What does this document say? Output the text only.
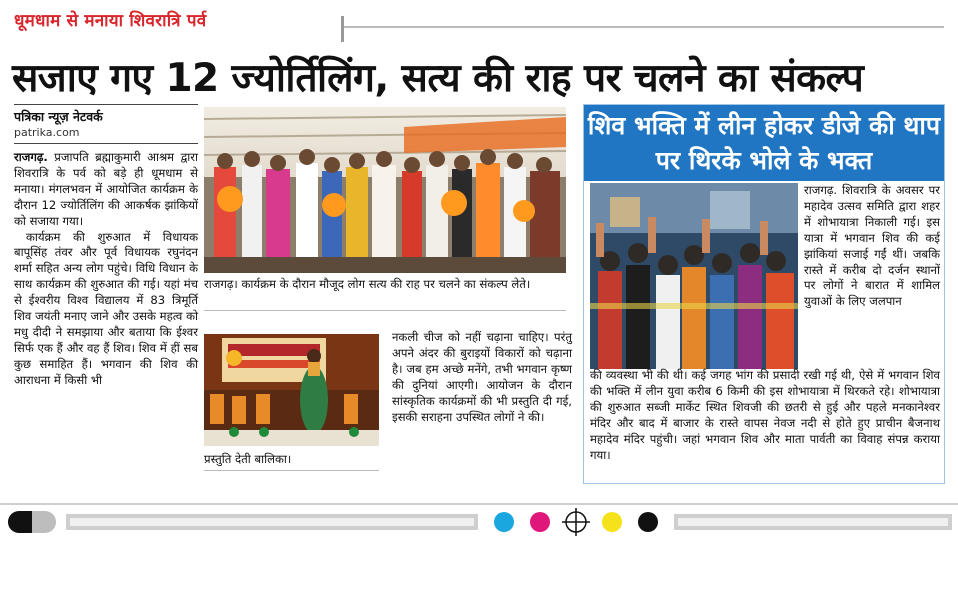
धूमधाम से मनाया शिवरात्रि पर्व
सजाए गए 12 ज्योर्तिलिंग, सत्य की राह पर चलने का संकल्प
पत्रिका न्यूज़ नेटवर्क
patrika.com

राजगढ़. प्रजापति ब्रह्माकुमारी आश्रम द्वारा शिवरात्रि के पर्व को बड़े ही धूमधाम से मनाया। मंगलभवन में आयोजित कार्यक्रम के दौरान 12 ज्योर्तिलिंग की आकर्षक झांकियों को सजाया गया।

कार्यक्रम की शुरुआत में विधायक बापूसिंह तंवर और पूर्व विधायक रघुनंदन शर्मा सहित अन्य लोग पहुंचे। विधि विधान के साथ कार्यक्रम की शुरुआत की गई। यहां मंच से ईश्वरीय विश्व विद्यालय में 83 त्रिमूर्ति शिव जयंती मनाए जाने और उसके महत्व को मधु दीदी ने समझाया और बताया कि ईश्वर सिर्फ एक हैं और वह हैं शिव। शिव में हीं सब कुछ समाहित हैं। भगवान की शिव की आराधना में किसी भी

राजगढ़। कार्यक्रम के दौरान मौजूद लोग सत्य की राह पर चलने का संकल्प लेते।
प्रस्तुति देती बालिका।
नकली चीज को नहीं चढ़ाना चाहिए। परंतु अपने अंदर की बुराइयों विकारों को चढ़ाना है। जब हम अच्छे मनेंगे, तभी भगवान कृष्ण की दुनियां आएगी। आयोजन के दौरान सांस्कृतिक कार्यक्रमों की भी प्रस्तुति दी गई, इसकी सराहना उपस्थित लोगों ने की।
शिव भक्ति में लीन होकर डीजे की थाप पर थिरके भोले के भक्त
राजगढ़. शिवरात्रि के अवसर पर महादेव उत्सव समिति द्वारा शहर में शोभायात्रा निकाली गई। इस यात्रा में भगवान शिव की कई झांकियां सजाई गईं थीं। जबकि रास्ते में करीब दो दर्जन स्थानों पर लोगों ने बारात में शामिल युवाओं के लिए जलपान
की व्यवस्था भी की थी। कई जगह भांग की प्रसादी रखी गई थी, ऐसे में भगवान शिव की भक्ति में लीन युवा करीब 6 किमी की इस शोभायात्रा में थिरकते रहे। शोभायात्रा की शुरुआत सब्जी मार्केट स्थित शिवजी की छतरी से हुई और पहले मनकानेश्वर मंदिर और बाद में बाजार के रास्ते वापस नेवज नदी से होते हुए प्राचीन बैजनाथ महादेव मंदिर पहुंची। जहां भगवान शिव और माता पार्वती का विवाह संपन्न कराया गया।
